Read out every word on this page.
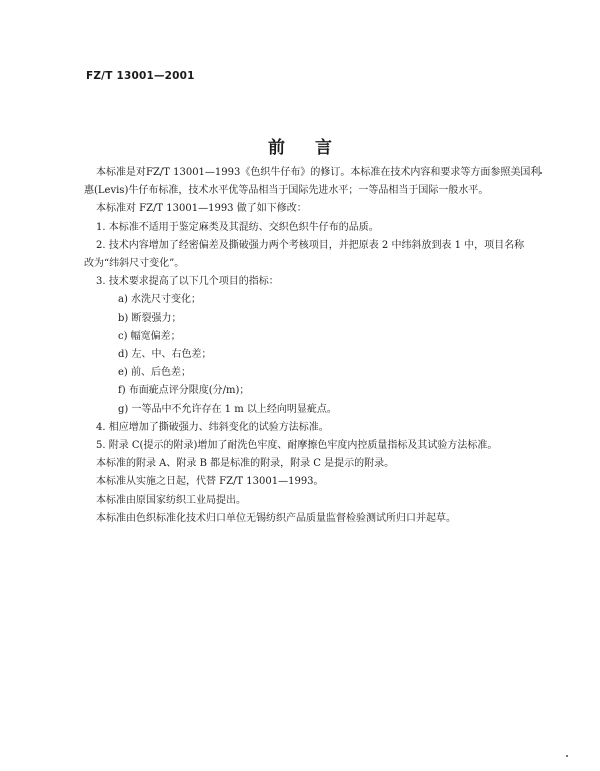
FZ/T 13001—2001
前言

本标准是对FZ/T 13001—1993《色织牛仔布》的修订。本标准在技术内容和要求等方面参照美国利

惠(Levis)牛仔布标准，技术水平优等品相当于国际先进水平；一等品相当于国际一般水平。

本标准对 FZ/T 13001—1993 做了如下修改：

1. 本标准不适用于鉴定麻类及其混纺、交织色织牛仔布的品质。

2. 技术内容增加了经密偏差及撕破强力两个考核项目，并把原表 2 中纬斜放到表 1 中，项目名称

改为“纬斜尺寸变化”。

3. 技术要求提高了以下几个项目的指标：

a) 水洗尺寸变化；

b) 断裂强力；

c) 幅宽偏差；

d) 左、中、右色差；

e) 前、后色差；

f) 布面疵点评分限度(分/m)；

g) 一等品中不允许存在 1 m 以上经向明显疵点。

4. 相应增加了撕破强力、纬斜变化的试验方法标准。

5. 附录 C(提示的附录)增加了耐洗色牢度、耐摩擦色牢度内控质量指标及其试验方法标准。

本标准的附录 A、附录 B 都是标准的附录，附录 C 是提示的附录。

本标准从实施之日起，代替 FZ/T 13001—1993。

本标准由原国家纺织工业局提出。

本标准由色织标准化技术归口单位无锡纺织产品质量监督检验测试所归口并起草。
